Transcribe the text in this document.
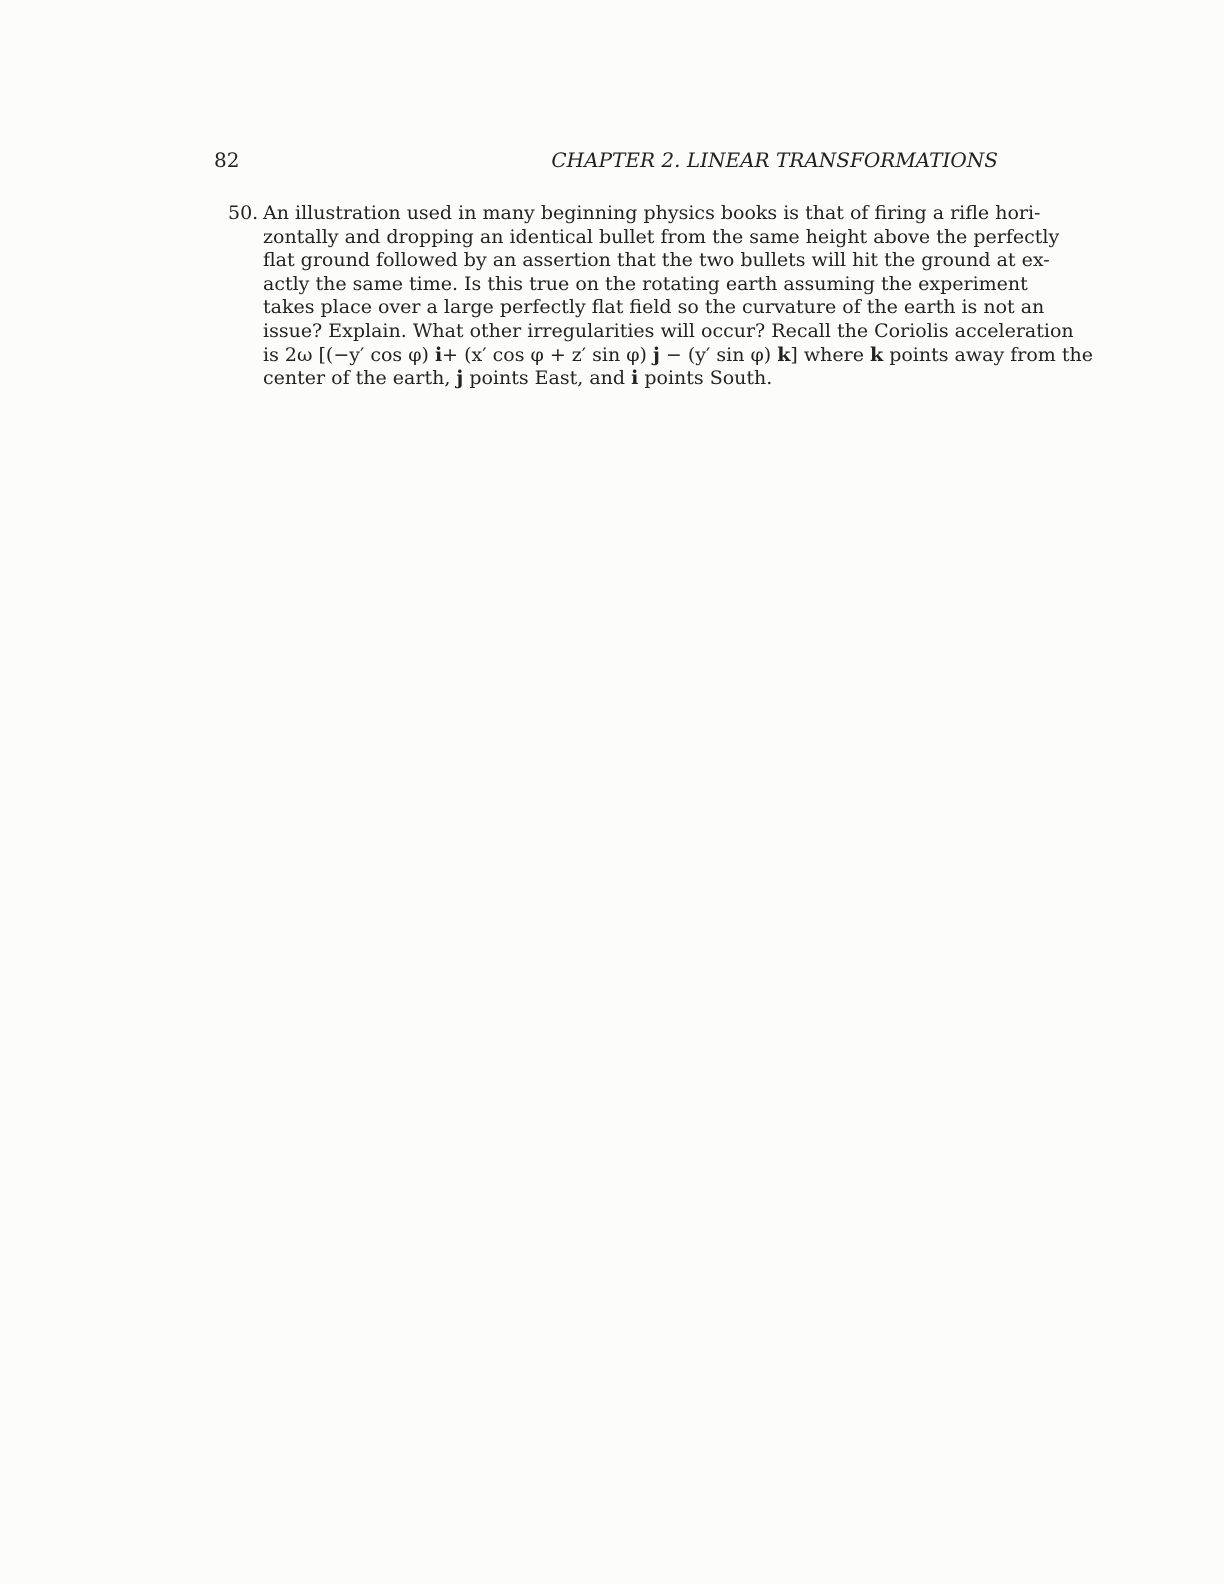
82	CHAPTER 2. LINEAR TRANSFORMATIONS
50. An illustration used in many beginning physics books is that of firing a rifle hori-
zontally and dropping an identical bullet from the same height above the perfectly
flat ground followed by an assertion that the two bullets will hit the ground at ex-
actly the same time. Is this true on the rotating earth assuming the experiment
takes place over a large perfectly flat field so the curvature of the earth is not an
issue? Explain. What other irregularities will occur? Recall the Coriolis acceleration
is 2ω [(−y′ cos φ) i+ (x′ cos φ + z′ sin φ) j − (y′ sin φ) k] where k points away from the
center of the earth, j points East, and i points South.
